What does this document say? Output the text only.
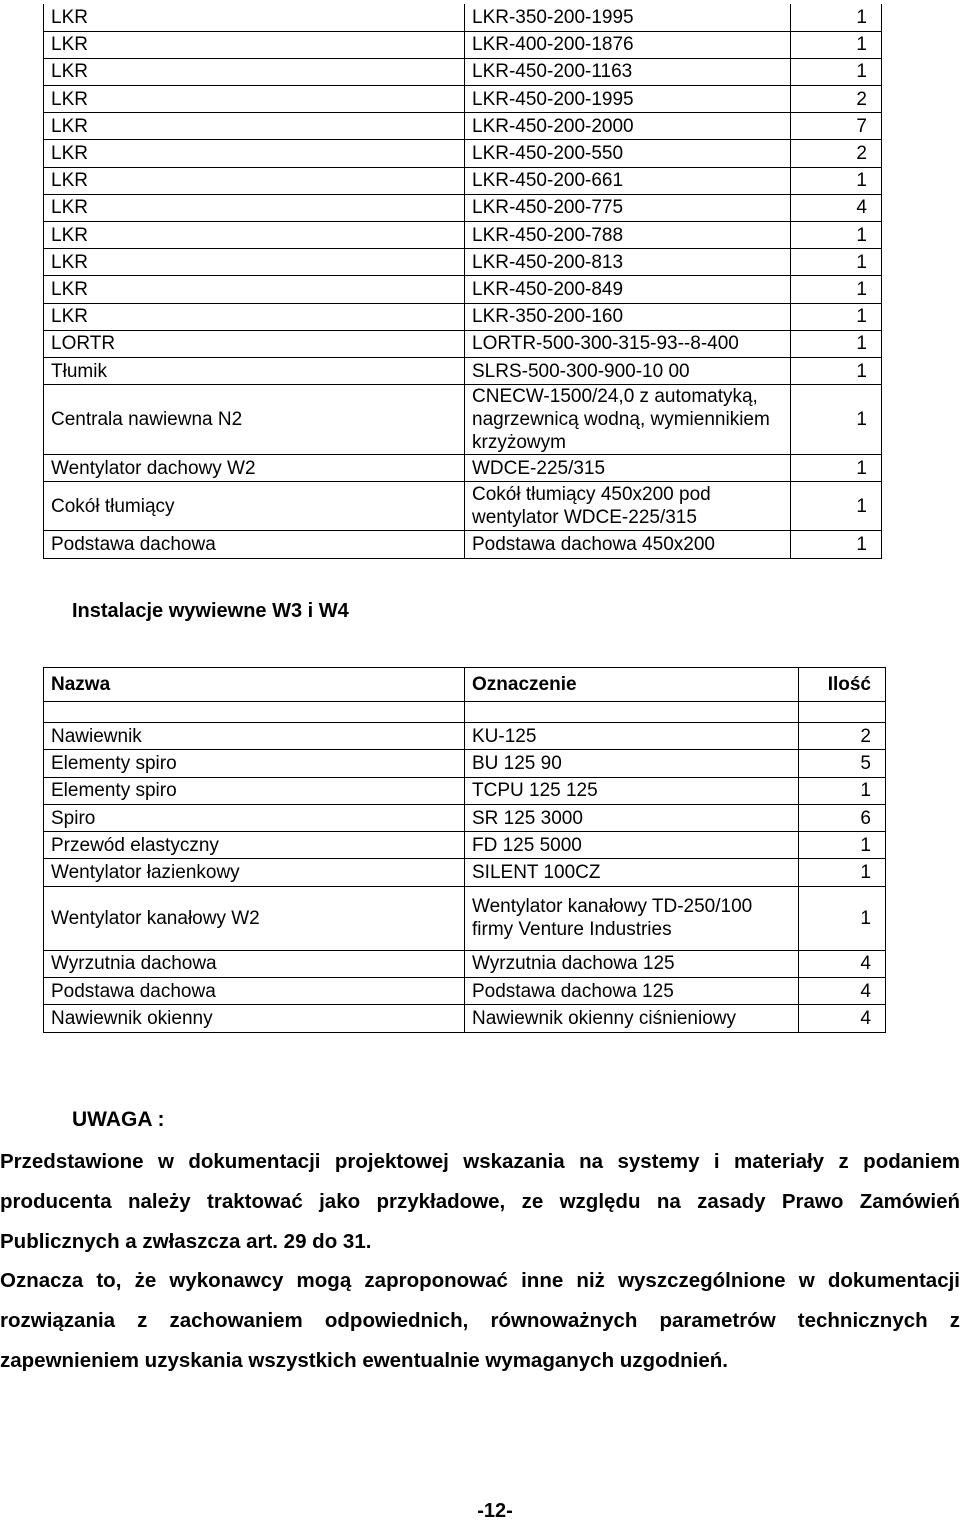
LKR	LKR-350-200-1995	1
LKR	LKR-400-200-1876	1
LKR	LKR-450-200-1163	1
LKR	LKR-450-200-1995	2
LKR	LKR-450-200-2000	7
LKR	LKR-450-200-550	2
LKR	LKR-450-200-661	1
LKR	LKR-450-200-775	4
LKR	LKR-450-200-788	1
LKR	LKR-450-200-813	1
LKR	LKR-450-200-849	1
LKR	LKR-350-200-160	1
LORTR	LORTR-500-300-315-93--8-400	1
Tłumik	SLRS-500-300-900-10 00	1
Centrala nawiewna N2	CNECW-1500/24,0 z automatyką, nagrzewnicą wodną, wymiennikiem krzyżowym	1
Wentylator dachowy W2	WDCE-225/315	1
Cokół tłumiący	Cokół tłumiący 450x200 pod wentylator WDCE-225/315	1
Podstawa dachowa	Podstawa dachowa 450x200	1
Instalacje wywiewne W3 i W4
Nazwa	Oznaczenie	Ilość

Nawiewnik	KU-125	2
Elementy spiro	BU 125 90	5
Elementy spiro	TCPU 125 125	1
Spiro	SR 125 3000	6
Przewód elastyczny	FD 125 5000	1
Wentylator łazienkowy	SILENT 100CZ	1
Wentylator kanałowy W2	Wentylator kanałowy TD-250/100 firmy Venture Industries	1
Wyrzutnia dachowa	Wyrzutnia dachowa 125	4
Podstawa dachowa	Podstawa dachowa 125	4
Nawiewnik okienny	Nawiewnik okienny ciśnieniowy	4
UWAGA :

Przedstawione w dokumentacji projektowej wskazania na systemy i materiały z podaniem producenta należy traktować jako przykładowe, ze względu na zasady Prawo Zamówień Publicznych a zwłaszcza art. 29 do 31.

Oznacza to, że wykonawcy mogą zaproponować inne niż wyszczególnione w dokumentacji rozwiązania z zachowaniem odpowiednich, równoważnych parametrów technicznych z zapewnieniem uzyskania wszystkich ewentualnie wymaganych uzgodnień.

-12-
